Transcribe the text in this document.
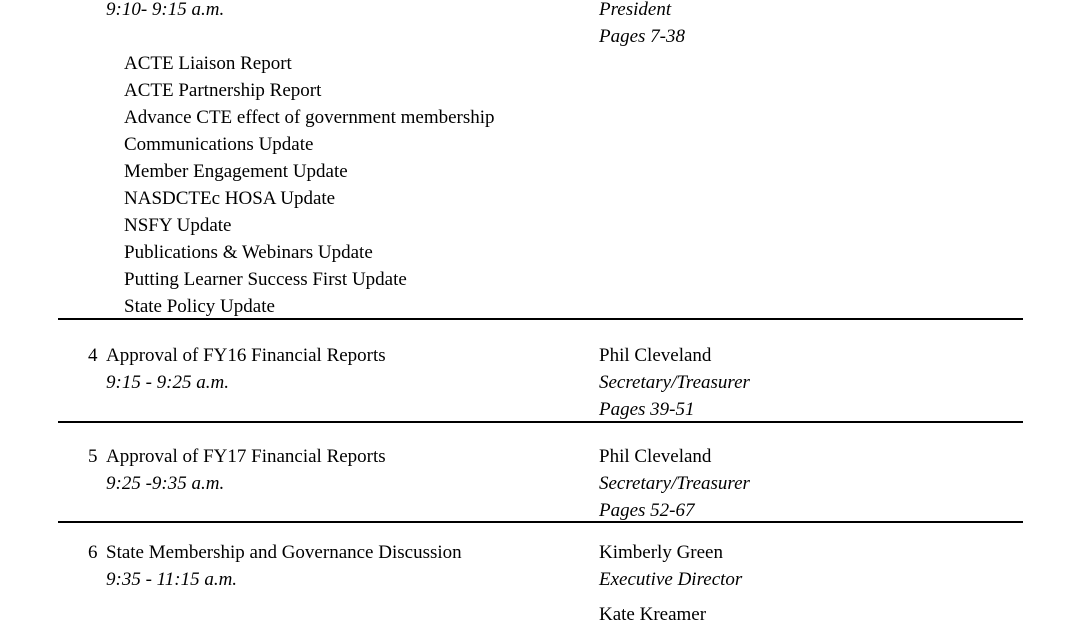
9:10- 9:15 a.m.	President
Pages 7-38
ACTE Liaison Report
ACTE Partnership Report
Advance CTE effect of government membership
Communications Update
Member Engagement Update
NASDCTEc HOSA Update
NSFY Update
Publications & Webinars Update
Putting Learner Success First Update
State Policy Update
4 Approval of FY16 Financial Reports
9:15 - 9:25 a.m.
Phil Cleveland
Secretary/Treasurer
Pages 39-51
5 Approval of FY17 Financial Reports
9:25 -9:35 a.m.
Phil Cleveland
Secretary/Treasurer
Pages 52-67
6 State Membership and Governance Discussion
9:35 - 11:15 a.m.
Kimberly Green
Executive Director
Kate Kreamer
